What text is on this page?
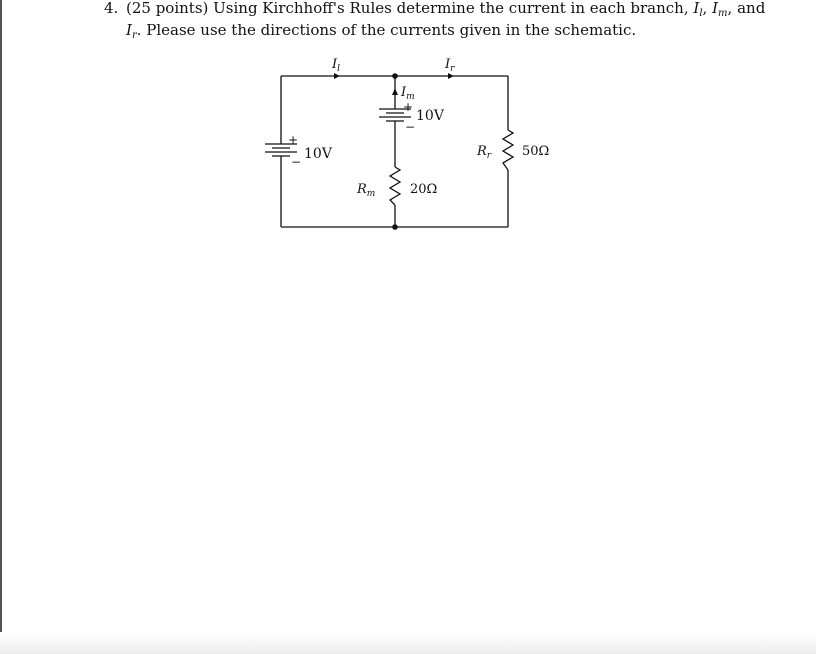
4. (25 points) Using Kirchhoff's Rules determine the current in each branch, $I_l$, $I_m$, and
$I_r$. Please use the directions of the currents given in the schematic.
$I_l$	$I_r$
$I_m$
+
− 10V
+
−
10V
$R_m$	20Ω
$R_r$ 50Ω
